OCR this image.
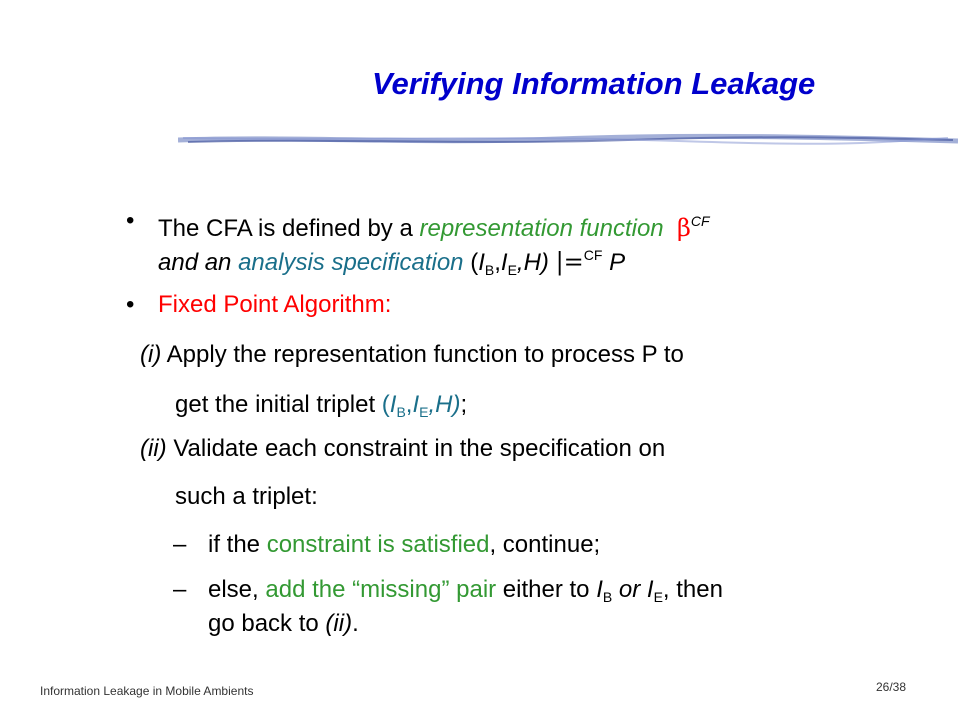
Verifying Information Leakage
• The CFA is defined by a representation function $\beta^{CF}$
and an analysis specification $(I_B,I_E,H)$ |=$^{CF}$ P
• Fixed Point Algorithm:
(i) Apply the representation function to process P to
get the initial triplet $(I_B,I_E,H)$;
(ii) Validate each constraint in the specification on
such a triplet:
– if the constraint is satisfied, continue;
– else, add the “missing” pair either to $I_B$ or $I_E$, then
go back to (ii).
Information Leakage in Mobile Ambients	26/38
